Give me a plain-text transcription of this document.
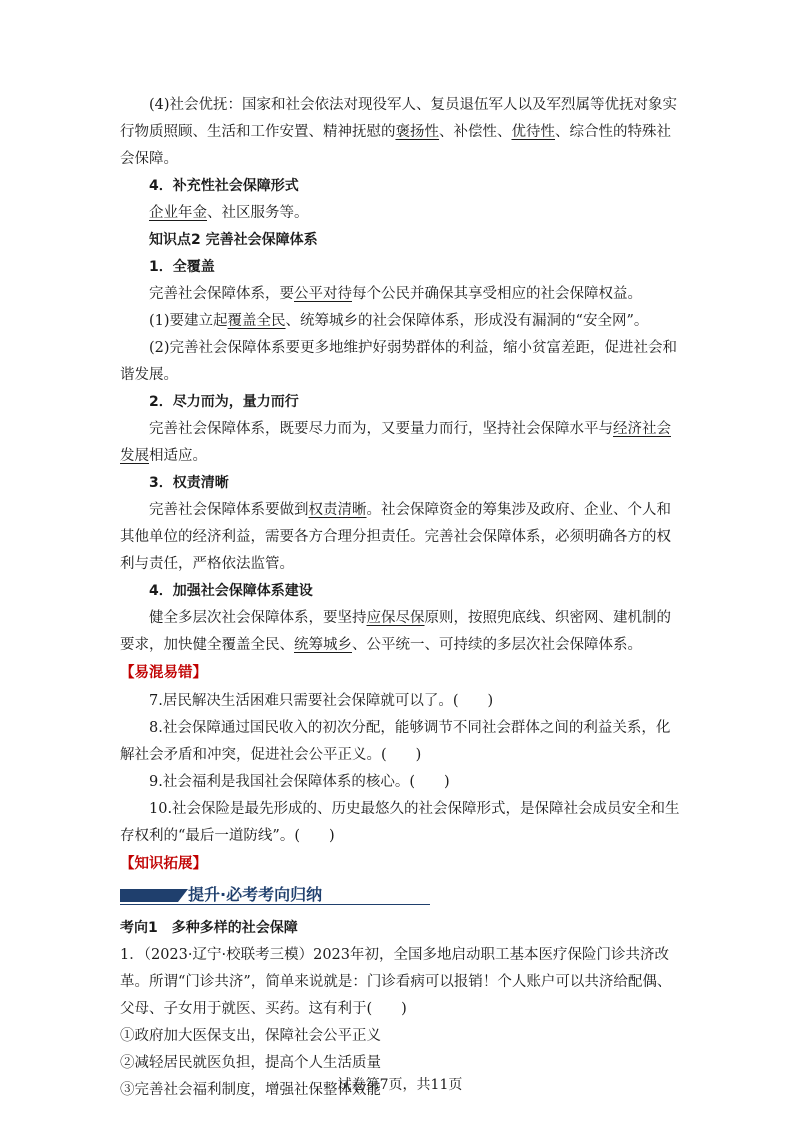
(4)社会优抚：国家和社会依法对现役军人、复员退伍军人以及军烈属等优抚对象实行物质照顾、生活和工作安置、精神抚慰的褒扬性、补偿性、优待性、综合性的特殊社会保障。

4．补充性社会保障形式

企业年金、社区服务等。

知识点2 完善社会保障体系

1．全覆盖

完善社会保障体系，要公平对待每个公民并确保其享受相应的社会保障权益。

(1)要建立起覆盖全民、统筹城乡的社会保障体系，形成没有漏洞的“安全网”。

(2)完善社会保障体系要更多地维护好弱势群体的利益，缩小贫富差距，促进社会和谐发展。

2．尽力而为，量力而行

完善社会保障体系，既要尽力而为，又要量力而行，坚持社会保障水平与经济社会发展相适应。

3．权责清晰

完善社会保障体系要做到权责清晰。社会保障资金的筹集涉及政府、企业、个人和其他单位的经济利益，需要各方合理分担责任。完善社会保障体系，必须明确各方的权利与责任，严格依法监管。

4．加强社会保障体系建设

健全多层次社会保障体系，要坚持应保尽保原则，按照兜底线、织密网、建机制的要求，加快健全覆盖全民、统筹城乡、公平统一、可持续的多层次社会保障体系。

【易混易错】

7.居民解决生活困难只需要社会保障就可以了。(　　)

8.社会保障通过国民收入的初次分配，能够调节不同社会群体之间的利益关系，化解社会矛盾和冲突，促进社会公平正义。(　　)

9.社会福利是我国社会保障体系的核心。(　　)

10.社会保险是最先形成的、历史最悠久的社会保障形式，是保障社会成员安全和生存权利的“最后一道防线”。(　　)

【知识拓展】

提升·必考考向归纳

考向1　多种多样的社会保障

1．（2023·辽宁·校联考三模）2023年初，全国多地启动职工基本医疗保险门诊共济改革。所谓“门诊共济”，简单来说就是：门诊看病可以报销！个人账户可以共济给配偶、父母、子女用于就医、买药。这有利于(　　)

①政府加大医保支出，保障社会公平正义

②减轻居民就医负担，提高个人生活质量

③完善社会福利制度，增强社保整体效能

试卷第7页，共11页
